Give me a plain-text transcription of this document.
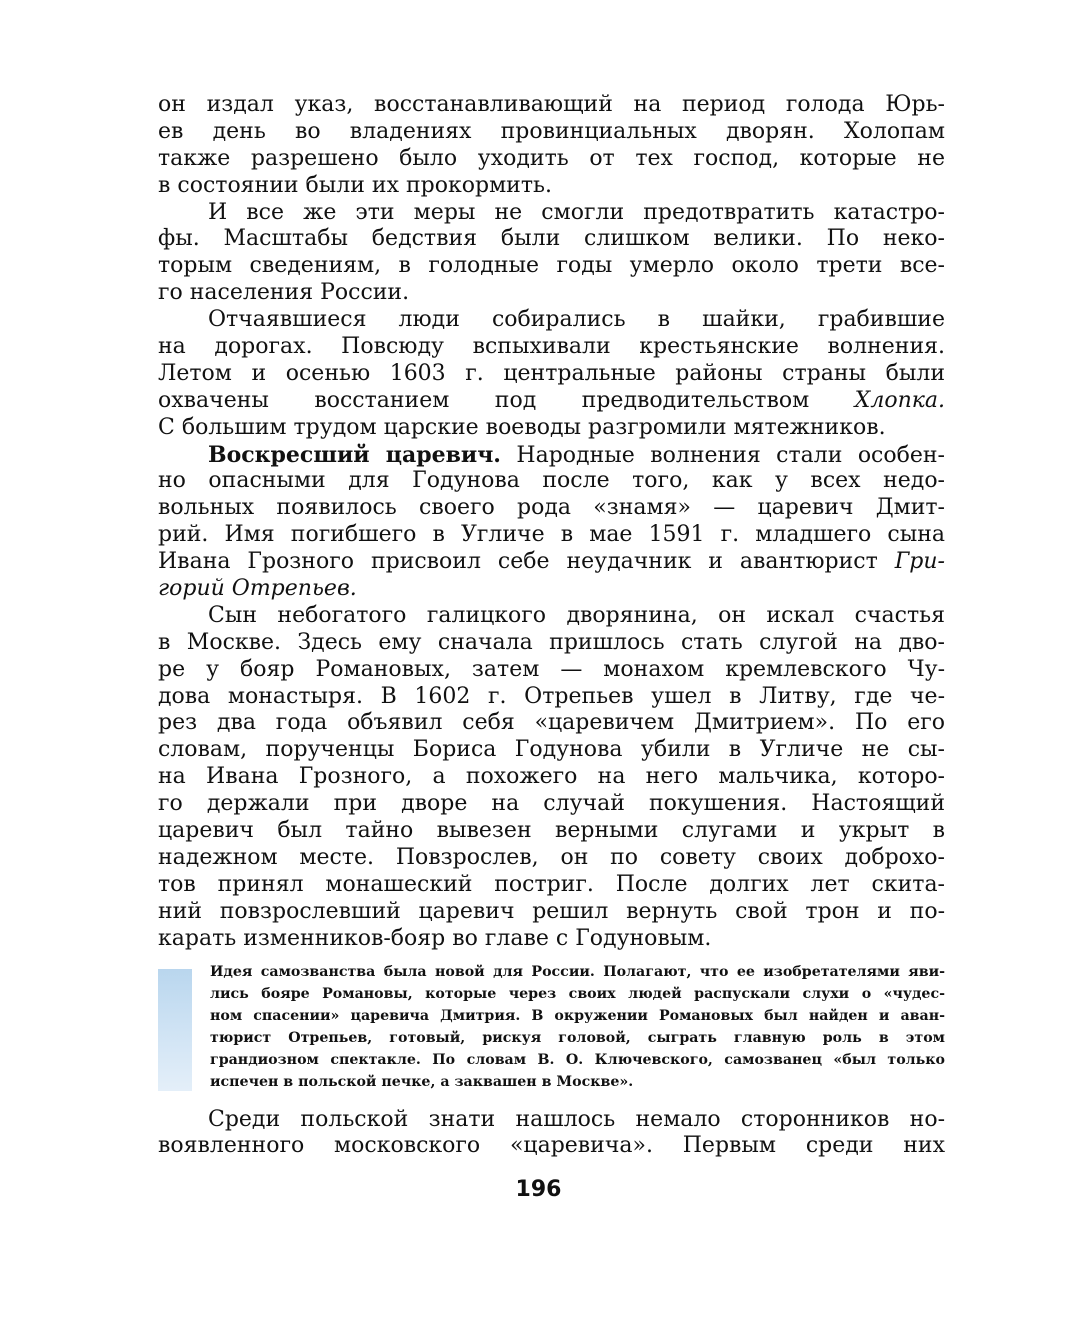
он издал указ, восстанавливающий на период голода Юрь-
ев день во владениях провинциальных дворян. Холопам
также разрешено было уходить от тех господ, которые не
в состоянии были их прокормить.
И все же эти меры не смогли предотвратить катастро-
фы. Масштабы бедствия были слишком велики. По неко-
торым сведениям, в голодные годы умерло около трети все-
го населения России.
Отчаявшиеся люди собирались в шайки, грабившие
на дорогах. Повсюду вспыхивали крестьянские волнения.
Летом и осенью 1603 г. центральные районы страны были
охвачены восстанием под предводительством Хлопка.
С большим трудом царские воеводы разгромили мятежников.
Воскресший царевич. Народные волнения стали особен-
но опасными для Годунова после того, как у всех недо-
вольных появилось своего рода «знамя» — царевич Дмит-
рий. Имя погибшего в Угличе в мае 1591 г. младшего сына
Ивана Грозного присвоил себе неудачник и авантюрист Гри-
горий Отрепьев.
Сын небогатого галицкого дворянина, он искал счастья
в Москве. Здесь ему сначала пришлось стать слугой на дво-
ре у бояр Романовых, затем — монахом кремлевского Чу-
дова монастыря. В 1602 г. Отрепьев ушел в Литву, где че-
рез два года объявил себя «царевичем Дмитрием». По его
словам, порученцы Бориса Годунова убили в Угличе не сы-
на Ивана Грозного, а похожего на него мальчика, которо-
го держали при дворе на случай покушения. Настоящий
царевич был тайно вывезен верными слугами и укрыт в
надежном месте. Повзрослев, он по совету своих доброхо-
тов принял монашеский постриг. После долгих лет скита-
ний повзрослевший царевич решил вернуть свой трон и по-
карать изменников-бояр во главе с Годуновым.
Идея самозванства была новой для России. Полагают, что ее изобретателями яви-
лись бояре Романовы, которые через своих людей распускали слухи о «чудес-
ном спасении» царевича Дмитрия. В окружении Романовых был найден и аван-
тюрист Отрепьев, готовый, рискуя головой, сыграть главную роль в этом
грандиозном спектакле. По словам В. О. Ключевского, самозванец «был только
испечен в польской печке, а заквашен в Москве».
Среди польской знати нашлось немало сторонников но-
воявленного московского «царевича». Первым среди них
196
